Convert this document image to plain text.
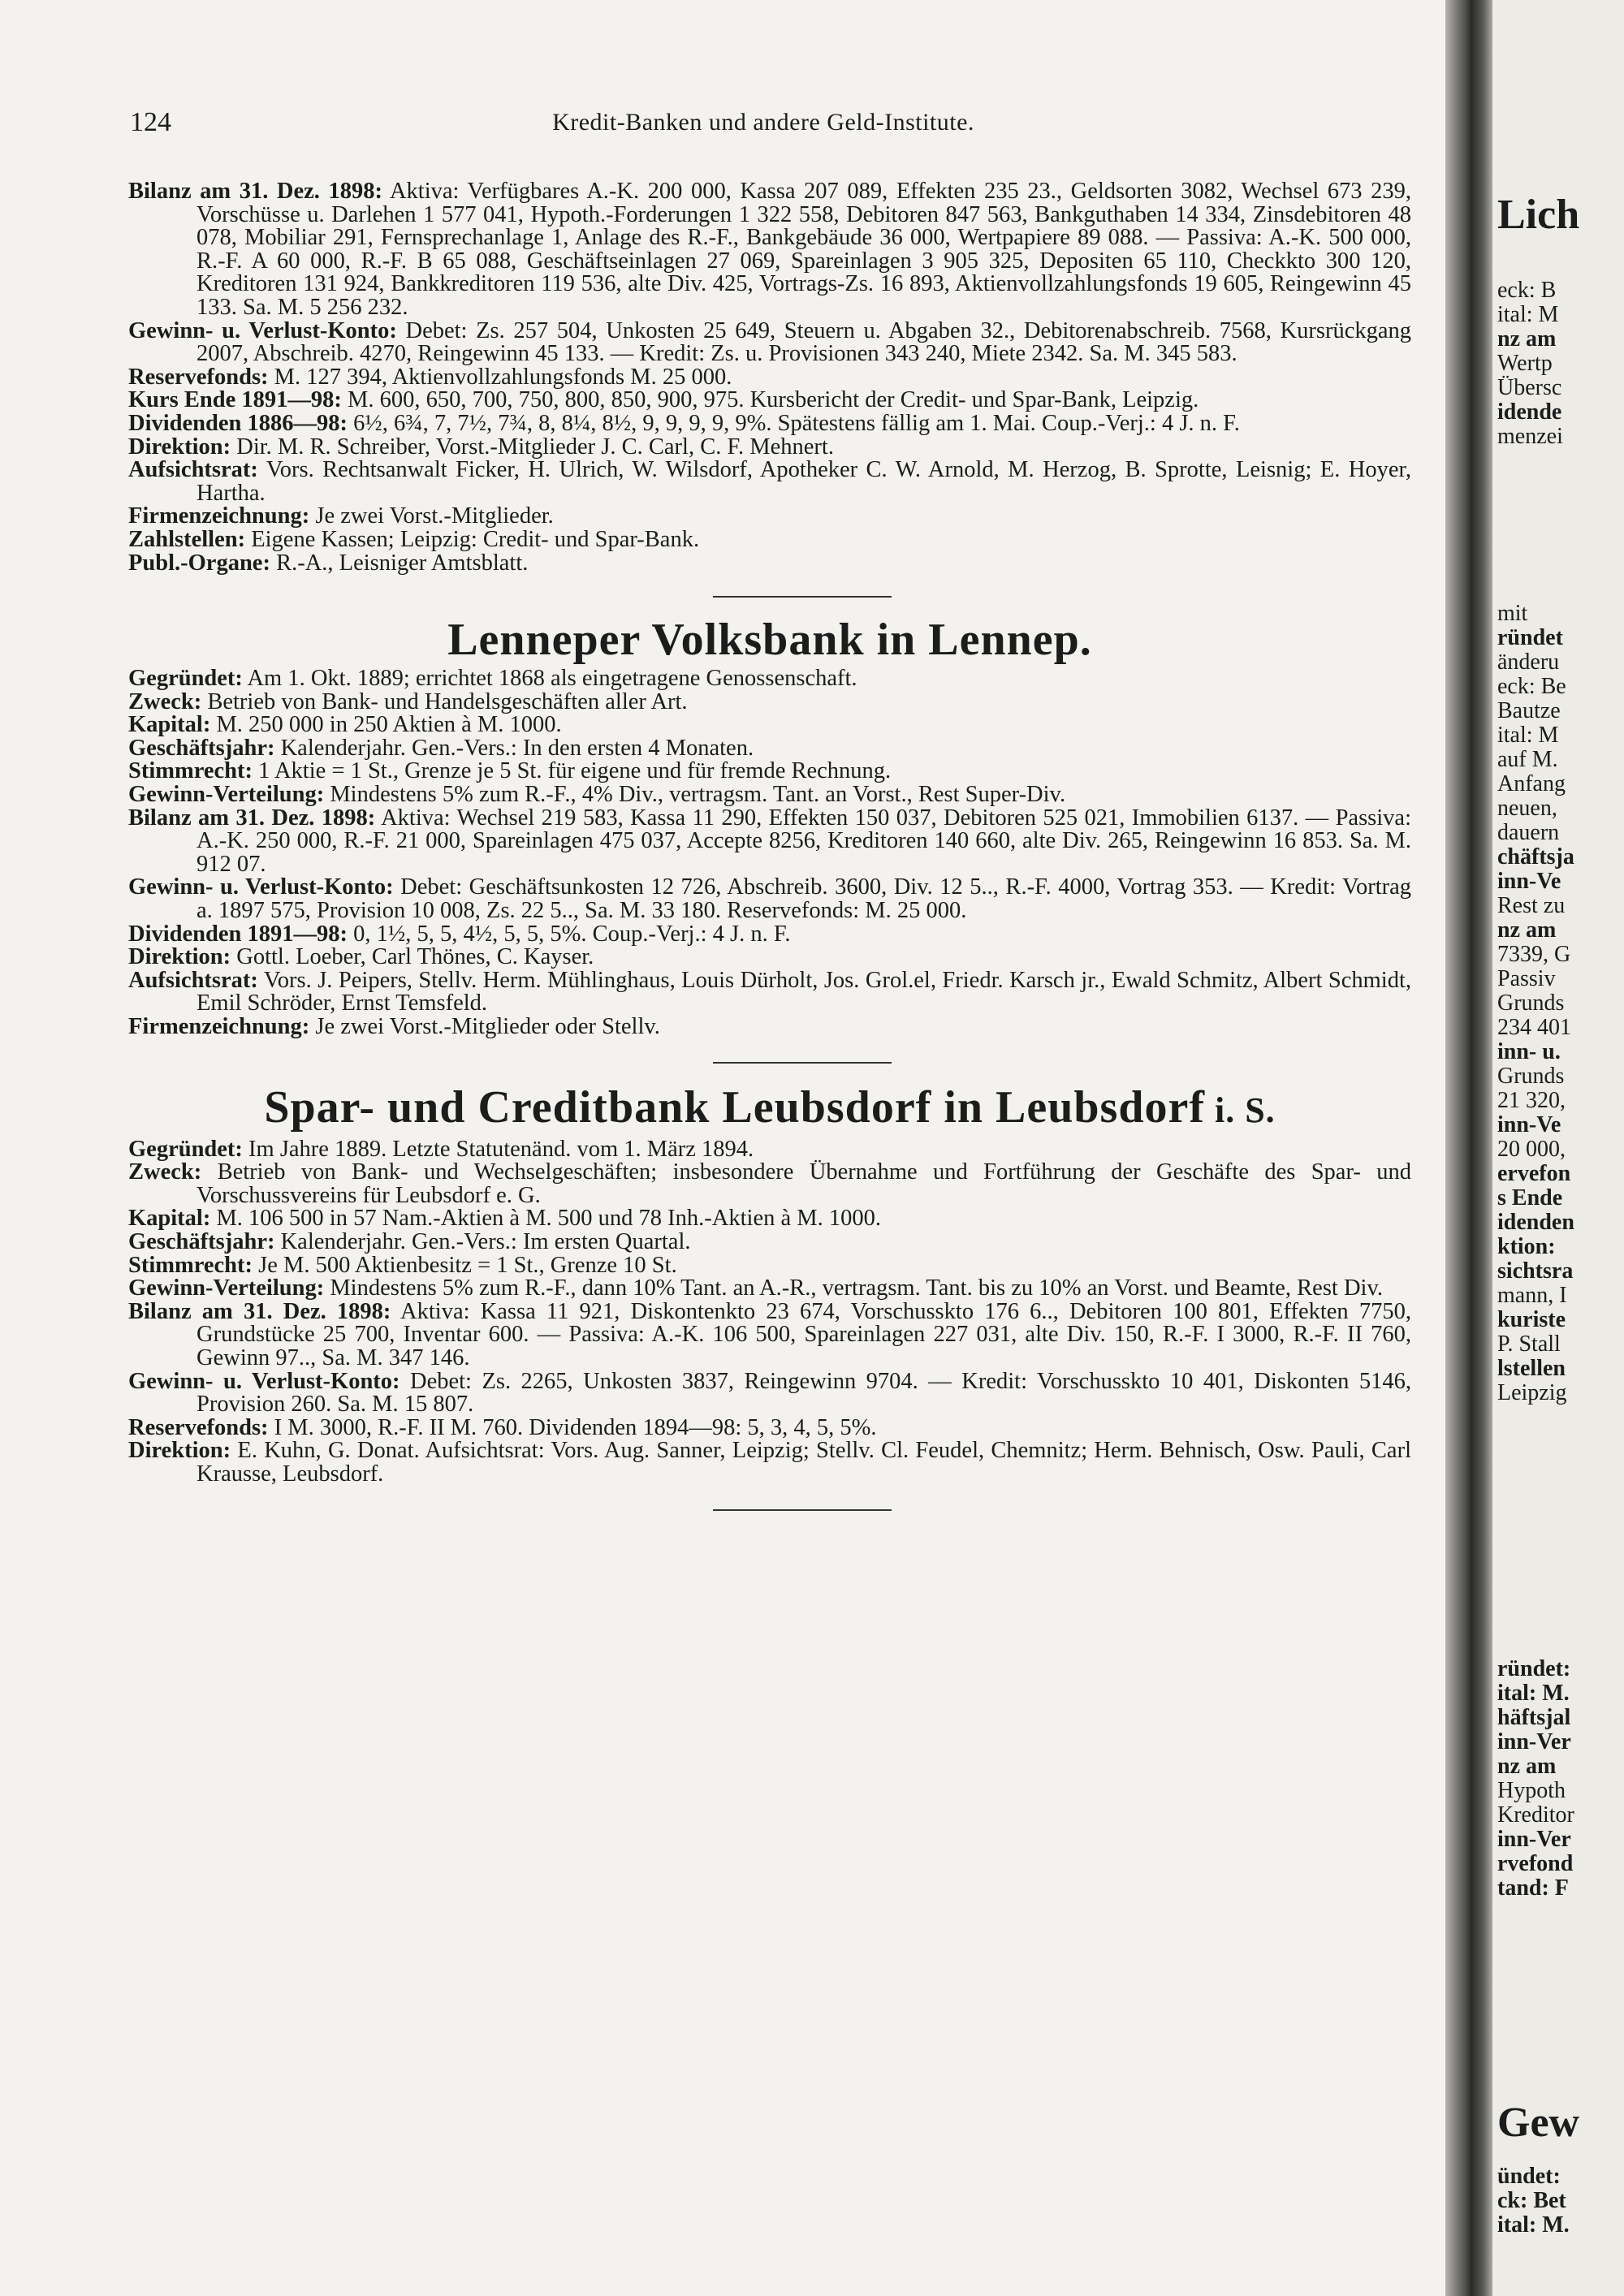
124	Kredit-Banken und andere Geld-Institute.

Bilanz am 31. Dez. 1898: Aktiva: Verfügbares A.-K. 200 000, Kassa 207 089, Effekten 235 23., Geldsorten 3082, Wechsel 673 239, Vorschüsse u. Darlehen 1 577 041, Hypoth.-Forderungen 1 322 558, Debitoren 847 563, Bankguthaben 14 334, Zinsdebitoren 48 078, Mobiliar 291, Fernsprechanlage 1, Anlage des R.-F., Bankgebäude 36 000, Wertpapiere 89 088. — Passiva: A.-K. 500 000, R.-F. A 60 000, R.-F. B 65 088, Geschäftseinlagen 27 069, Spareinlagen 3 905 325, Depositen 65 110, Checkkto 300 120, Kreditoren 131 924, Bankkreditoren 119 536, alte Div. 425, Vortrags-Zs. 16 893, Aktienvollzahlungsfonds 19 605, Reingewinn 45 133. Sa. M. 5 256 232.

Gewinn- u. Verlust-Konto: Debet: Zs. 257 504, Unkosten 25 649, Steuern u. Abgaben 32., Debitorenabschreib. 7568, Kursrückgang 2007, Abschreib. 4270, Reingewinn 45 133. — Kredit: Zs. u. Provisionen 343 240, Miete 2342. Sa. M. 345 583.

Reservefonds: M. 127 394, Aktienvollzahlungsfonds M. 25 000.

Kurs Ende 1891—98: M. 600, 650, 700, 750, 800, 850, 900, 975. Kursbericht der Credit- und Spar-Bank, Leipzig.

Dividenden 1886—98: 6½, 6¾, 7, 7½, 7¾, 8, 8¼, 8½, 9, 9, 9, 9, 9%. Spätestens fällig am 1. Mai. Coup.-Verj.: 4 J. n. F.

Direktion: Dir. M. R. Schreiber, Vorst.-Mitglieder J. C. Carl, C. F. Mehnert.

Aufsichtsrat: Vors. Rechtsanwalt Ficker, H. Ulrich, W. Wilsdorf, Apotheker C. W. Arnold, M. Herzog, B. Sprotte, Leisnig; E. Hoyer, Hartha.

Firmenzeichnung: Je zwei Vorst.-Mitglieder.

Zahlstellen: Eigene Kassen; Leipzig: Credit- und Spar-Bank.

Publ.-Organe: R.-A., Leisniger Amtsblatt.

Lenneper Volksbank in Lennep.

Gegründet: Am 1. Okt. 1889; errichtet 1868 als eingetragene Genossenschaft.

Zweck: Betrieb von Bank- und Handelsgeschäften aller Art.

Kapital: M. 250 000 in 250 Aktien à M. 1000.

Geschäftsjahr: Kalenderjahr. Gen.-Vers.: In den ersten 4 Monaten.

Stimmrecht: 1 Aktie = 1 St., Grenze je 5 St. für eigene und für fremde Rechnung.

Gewinn-Verteilung: Mindestens 5% zum R.-F., 4% Div., vertragsm. Tant. an Vorst., Rest Super-Div.

Bilanz am 31. Dez. 1898: Aktiva: Wechsel 219 583, Kassa 11 290, Effekten 150 037, Debitoren 525 021, Immobilien 6137. — Passiva: A.-K. 250 000, R.-F. 21 000, Spareinlagen 475 037, Accepte 8256, Kreditoren 140 660, alte Div. 265, Reingewinn 16 853. Sa. M. 912 07.

Gewinn- u. Verlust-Konto: Debet: Geschäftsunkosten 12 726, Abschreib. 3600, Div. 12 5.., R.-F. 4000, Vortrag 353. — Kredit: Vortrag a. 1897 575, Provision 10 008, Zs. 22 5.., Sa. M. 33 180. Reservefonds: M. 25 000.

Dividenden 1891—98: 0, 1½, 5, 5, 4½, 5, 5, 5%. Coup.-Verj.: 4 J. n. F.

Direktion: Gottl. Loeber, Carl Thönes, C. Kayser.

Aufsichtsrat: Vors. J. Peipers, Stellv. Herm. Mühlinghaus, Louis Dürholt, Jos. Grol.el, Friedr. Karsch jr., Ewald Schmitz, Albert Schmidt, Emil Schröder, Ernst Temsfeld.

Firmenzeichnung: Je zwei Vorst.-Mitglieder oder Stellv.

Spar- und Creditbank Leubsdorf in Leubsdorf i. S.

Gegründet: Im Jahre 1889. Letzte Statutenänd. vom 1. März 1894.

Zweck: Betrieb von Bank- und Wechselgeschäften; insbesondere Übernahme und Fortführung der Geschäfte des Spar- und Vorschussvereins für Leubsdorf e. G.

Kapital: M. 106 500 in 57 Nam.-Aktien à M. 500 und 78 Inh.-Aktien à M. 1000.

Geschäftsjahr: Kalenderjahr. Gen.-Vers.: Im ersten Quartal.

Stimmrecht: Je M. 500 Aktienbesitz = 1 St., Grenze 10 St.

Gewinn-Verteilung: Mindestens 5% zum R.-F., dann 10% Tant. an A.-R., vertragsm. Tant. bis zu 10% an Vorst. und Beamte, Rest Div.

Bilanz am 31. Dez. 1898: Aktiva: Kassa 11 921, Diskontenkto 23 674, Vorschusskto 176 6.., Debitoren 100 801, Effekten 7750, Grundstücke 25 700, Inventar 600. — Passiva: A.-K. 106 500, Spareinlagen 227 031, alte Div. 150, R.-F. I 3000, R.-F. II 760, Gewinn 97.., Sa. M. 347 146.

Gewinn- u. Verlust-Konto: Debet: Zs. 2265, Unkosten 3837, Reingewinn 9704. — Kredit: Vorschusskto 10 401, Diskonten 5146, Provision 260. Sa. M. 15 807.

Reservefonds: I M. 3000, R.-F. II M. 760. Dividenden 1894—98: 5, 3, 4, 5, 5%.

Direktion: E. Kuhn, G. Donat. Aufsichtsrat: Vors. Aug. Sanner, Leipzig; Stellv. Cl. Feudel, Chemnitz; Herm. Behnisch, Osw. Pauli, Carl Krausse, Leubsdorf.

Lich
eck: B
ital: M
nz am
Wertp
Übersc
idende
menzei
mit
ründet
änderu
eck: Be
Bautze
ital: M
auf M.
Anfang
neuen,
dauern
chäftsja
inn-Ve
Rest zu
nz am
7339, G
Passiv
Grunds
234 401
inn- u.
Grunds
21 320,
inn-Ve
20 000,
ervefon
s Ende
idenden
ktion:
sichtsra
mann, I
kuriste
P. Stall
lstellen
Leipzig
ründet:
ital: M.
häftsjal
inn-Ver
nz am
Hypoth
Kreditor
inn-Ver
rvefond
tand: F
Gew
ündet:
ck: Bet
ital: M.
